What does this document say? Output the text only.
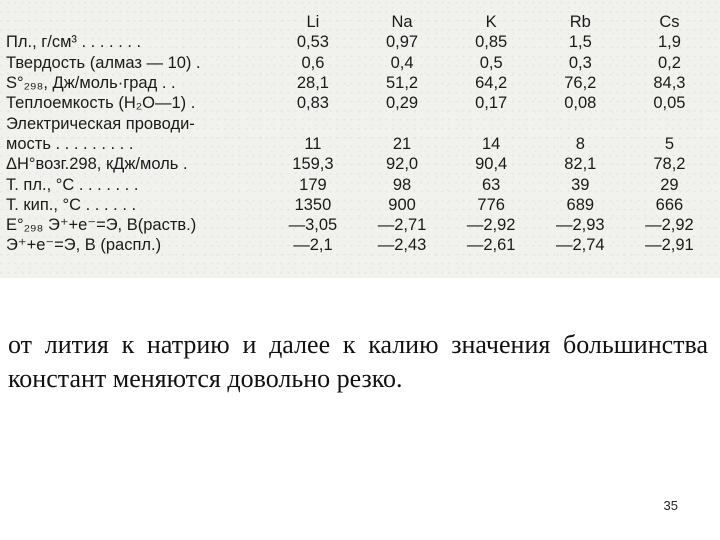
	Li	Na	K	Rb	Cs
Пл., г/см³ . . . . . . .	0,53	0,97	0,85	1,5	1,9
Твердость (алмаз — 10) .	0,6	0,4	0,5	0,3	0,2
S°₂₉₈, Дж/моль·град . .	28,1	51,2	64,2	76,2	84,3
Теплоемкость (H₂O—1) .	0,83	0,29	0,17	0,08	0,05
Электрическая проводи-					
мость . . . . . . . . .	11	21	14	8	5
ΔH°возг.298, кДж/моль .	159,3	92,0	90,4	82,1	78,2
Т. пл., °С . . . . . . .	179	98	63	39	29
Т. кип., °С . . . . . .	1350	900	776	689	666
E°₂₉₈ Э⁺+e⁻=Э, В(раств.)	—3,05	—2,71	—2,92	—2,93	—2,92
Э⁺+e⁻=Э, В (распл.)	—2,1	—2,43	—2,61	—2,74	—2,91

от лития к натрию и далее к калию значения большинства констант меняются довольно резко.

35
